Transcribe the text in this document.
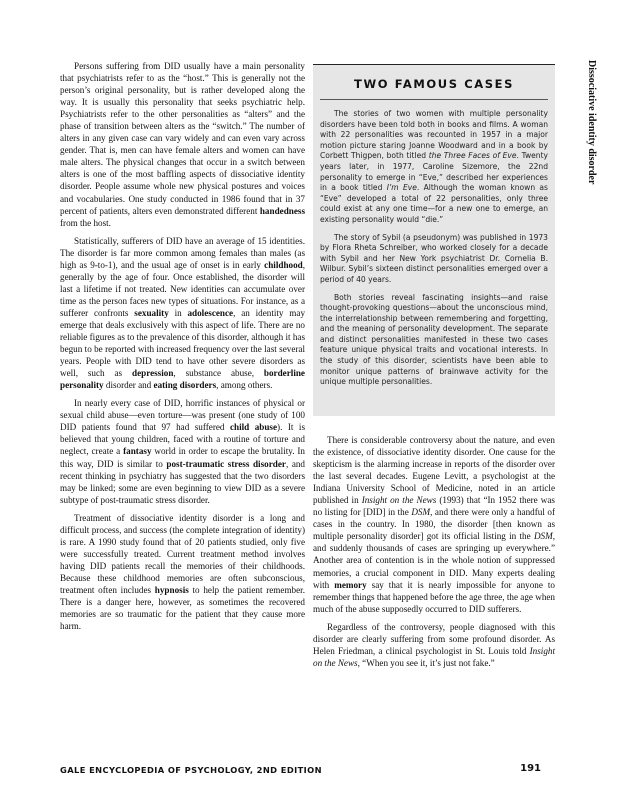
Dissociative identity disorder

Persons suffering from DID usually have a main personality that psychiatrists refer to as the “host.” This is generally not the person’s original personality, but is rather developed along the way. It is usually this personality that seeks psychiatric help. Psychiatrists refer to the other personalities as “alters” and the phase of transition between alters as the “switch.” The number of alters in any given case can vary widely and can even vary across gender. That is, men can have female alters and women can have male alters. The physical changes that occur in a switch between alters is one of the most baffling aspects of dissociative identity disorder. People assume whole new physical postures and voices and vocabularies. One study conducted in 1986 found that in 37 percent of patients, alters even demonstrated different handedness from the host.

Statistically, sufferers of DID have an average of 15 identities. The disorder is far more common among females than males (as high as 9-to-1), and the usual age of onset is in early childhood, generally by the age of four. Once established, the disorder will last a lifetime if not treated. New identities can accumulate over time as the person faces new types of situations. For instance, as a sufferer confronts sexuality in adolescence, an identity may emerge that deals exclusively with this aspect of life. There are no reliable figures as to the prevalence of this disorder, although it has begun to be reported with increased frequency over the last several years. People with DID tend to have other severe disorders as well, such as depression, substance abuse, borderline personality disorder and eating disorders, among others.

In nearly every case of DID, horrific instances of physical or sexual child abuse—even torture—was present (one study of 100 DID patients found that 97 had suffered child abuse). It is believed that young children, faced with a routine of torture and neglect, create a fantasy world in order to escape the brutality. In this way, DID is similar to post-traumatic stress disorder, and recent thinking in psychiatry has suggested that the two disorders may be linked; some are even beginning to view DID as a severe subtype of post-traumatic stress disorder.

Treatment of dissociative identity disorder is a long and difficult process, and success (the complete integration of identity) is rare. A 1990 study found that of 20 patients studied, only five were successfully treated. Current treatment method involves having DID patients recall the memories of their childhoods. Because these childhood memories are often subconscious, treatment often includes hypnosis to help the patient remember. There is a danger here, however, as sometimes the recovered memories are so traumatic for the patient that they cause more harm.

TWO FAMOUS CASES

The stories of two women with multiple personality disorders have been told both in books and films. A woman with 22 personalities was recounted in 1957 in a major motion picture staring Joanne Woodward and in a book by Corbett Thigpen, both titled the Three Faces of Eve. Twenty years later, in 1977, Caroline Sizemore, the 22nd personality to emerge in “Eve,” described her experiences in a book titled I’m Eve. Although the woman known as “Eve” developed a total of 22 personalities, only three could exist at any one time—for a new one to emerge, an existing personality would “die.”

The story of Sybil (a pseudonym) was published in 1973 by Flora Rheta Schreiber, who worked closely for a decade with Sybil and her New York psychiatrist Dr. Cornelia B. Wilbur. Sybil’s sixteen distinct personalities emerged over a period of 40 years.

Both stories reveal fascinating insights—and raise thought-provoking questions—about the unconscious mind, the interrelationship between remembering and forgetting, and the meaning of personality development. The separate and distinct personalities manifested in these two cases feature unique physical traits and vocational interests. In the study of this disorder, scientists have been able to monitor unique patterns of brainwave activity for the unique multiple personalities.

There is considerable controversy about the nature, and even the existence, of dissociative identity disorder. One cause for the skepticism is the alarming increase in reports of the disorder over the last several decades. Eugene Levitt, a psychologist at the Indiana University School of Medicine, noted in an article published in Insight on the News (1993) that “In 1952 there was no listing for [DID] in the DSM, and there were only a handful of cases in the country. In 1980, the disorder [then known as multiple personality disorder] got its official listing in the DSM, and suddenly thousands of cases are springing up everywhere.” Another area of contention is in the whole notion of suppressed memories, a crucial component in DID. Many experts dealing with memory say that it is nearly impossible for anyone to remember things that happened before the age three, the age when much of the abuse supposedly occurred to DID sufferers.

Regardless of the controversy, people diagnosed with this disorder are clearly suffering from some profound disorder. As Helen Friedman, a clinical psychologist in St. Louis told Insight on the News, “When you see it, it’s just not fake.”

GALE ENCYCLOPEDIA OF PSYCHOLOGY, 2ND EDITION	191
